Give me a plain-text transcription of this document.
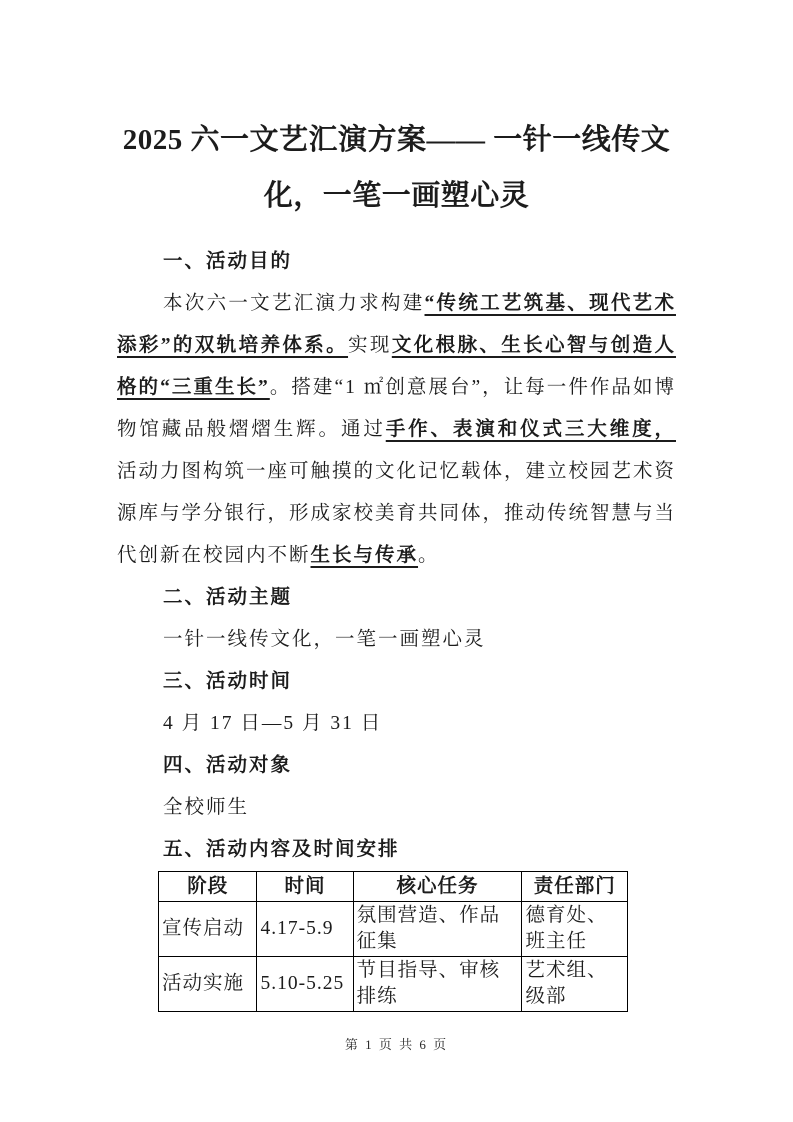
2025 六一文艺汇演方案—— 一针一线传文
化，一笔一画塑心灵
一、活动目的

本次六一文艺汇演力求构建“传统工艺筑基、现代艺术添彩”的双轨培养体系。实现文化根脉、生长心智与创造人格的“三重生长”。搭建“1 ㎡创意展台”，让每一件作品如博物馆藏品般熠熠生辉。通过手作、表演和仪式三大维度，活动力图构筑一座可触摸的文化记忆载体，建立校园艺术资源库与学分银行，形成家校美育共同体，推动传统智慧与当代创新在校园内不断生长与传承。

二、活动主题
一针一线传文化，一笔一画塑心灵
三、活动时间
4 月 17 日—5 月 31 日
四、活动对象
全校师生
五、活动内容及时间安排
阶段	时间	核心任务	责任部门
宣传启动	4.17-5.9	氛围营造、作品征集	德育处、班主任
活动实施	5.10-5.25	节目指导、审核排练	艺术组、级部
第 1 页 共 6 页
